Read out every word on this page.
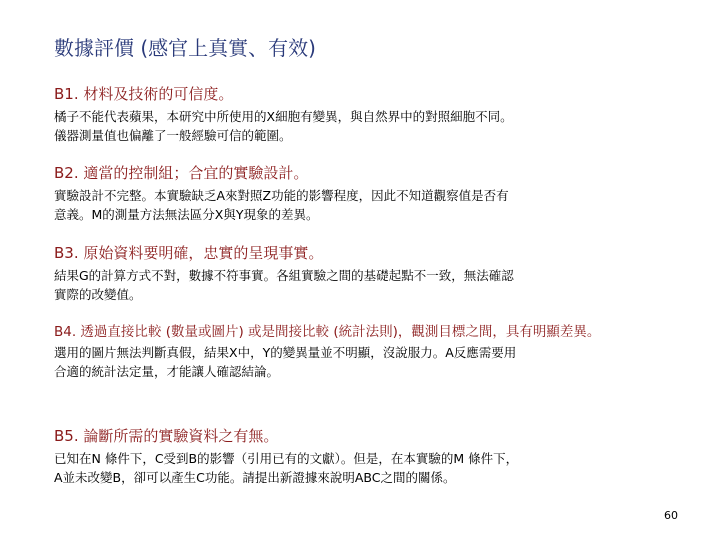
數據評價 (感官上真實、有效)
B1. 材料及技術的可信度。
橘子不能代表蘋果，本研究中所使用的X細胞有變異，與自然界中的對照細胞不同。
儀器測量值也偏離了一般經驗可信的範圍。
B2. 適當的控制組；合宜的實驗設計。
實驗設計不完整。本實驗缺乏A來對照Z功能的影響程度，因此不知道觀察值是否有
意義。M的測量方法無法區分X與Y現象的差異。
B3. 原始資料要明確，忠實的呈現事實。
結果G的計算方式不對，數據不符事實。各組實驗之間的基礎起點不一致，無法確認
實際的改變值。
B4. 透過直接比較 (數量或圖片) 或是間接比較 (統計法則)，觀測目標之間，具有明顯差異。
選用的圖片無法判斷真假，結果X中，Y的變異量並不明顯，沒說服力。A反應需要用
合適的統計法定量，才能讓人確認結論。
B5. 論斷所需的實驗資料之有無。
已知在N 條件下，C受到B的影響（引用已有的文獻）。但是，在本實驗的M 條件下，
A並未改變B，卻可以產生C功能。請提出新證據來說明ABC之間的關係。
60
